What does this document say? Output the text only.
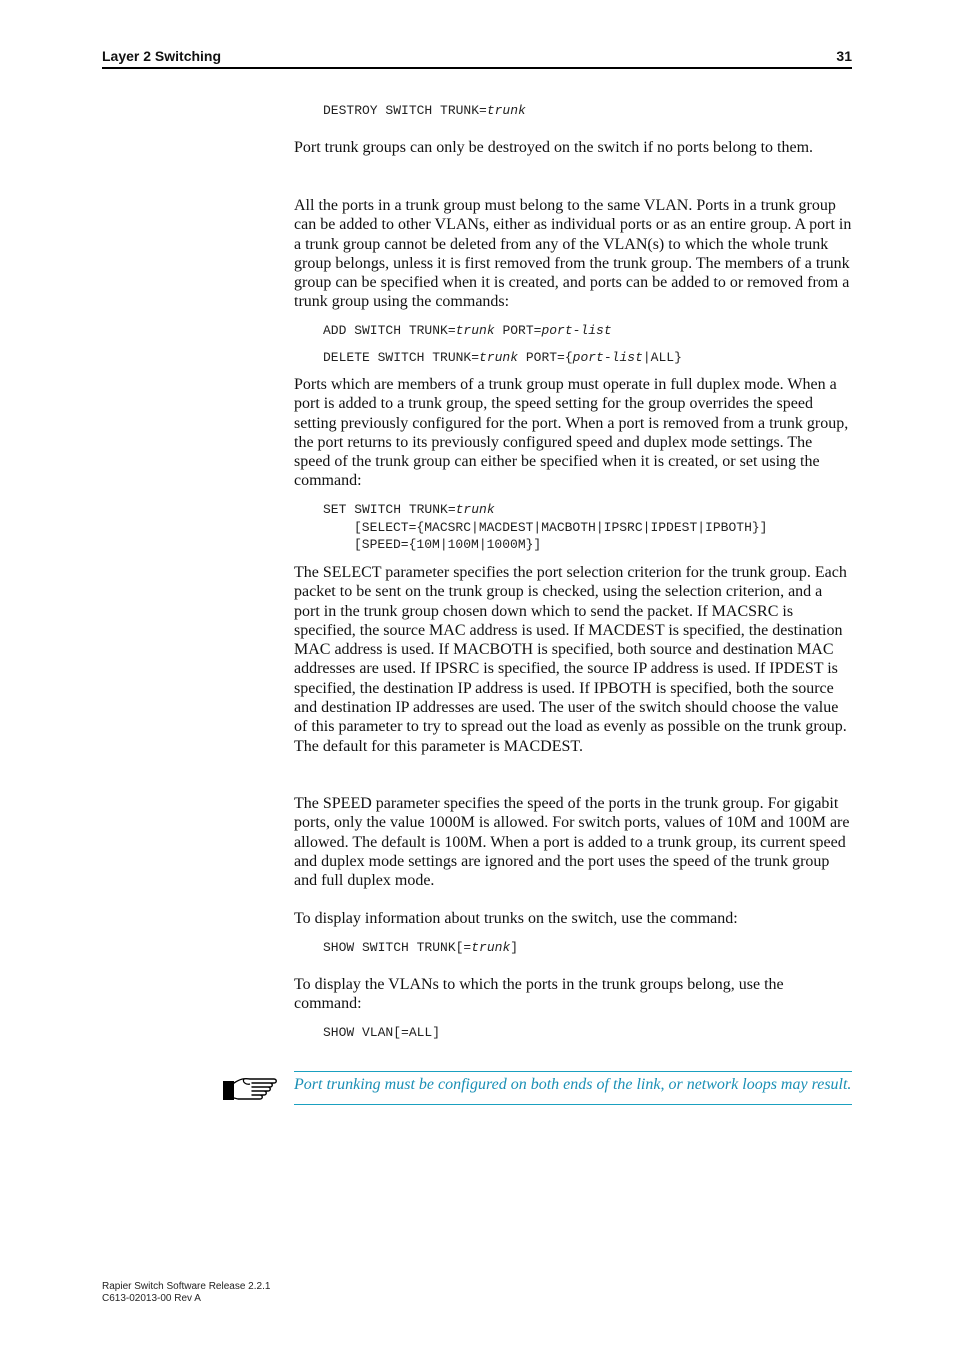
Layer 2 Switching	31
DESTROY SWITCH TRUNK=trunk

Port trunk groups can only be destroyed on the switch if no ports belong to them.

All the ports in a trunk group must belong to the same VLAN. Ports in a trunk group can be added to other VLANs, either as individual ports or as an entire group. A port in a trunk group cannot be deleted from any of the VLAN(s) to which the whole trunk group belongs, unless it is first removed from the trunk group. The members of a trunk group can be specified when it is created, and ports can be added to or removed from a trunk group using the commands:

ADD SWITCH TRUNK=trunk PORT=port-list
DELETE SWITCH TRUNK=trunk PORT={port-list|ALL}

Ports which are members of a trunk group must operate in full duplex mode. When a port is added to a trunk group, the speed setting for the group overrides the speed setting previously configured for the port. When a port is removed from a trunk group, the port returns to its previously configured speed and duplex mode settings. The speed of the trunk group can either be specified when it is created, or set using the command:

SET SWITCH TRUNK=trunk
[SELECT={MACSRC|MACDEST|MACBOTH|IPSRC|IPDEST|IPBOTH}]
[SPEED={10M|100M|1000M}]

The SELECT parameter specifies the port selection criterion for the trunk group. Each packet to be sent on the trunk group is checked, using the selection criterion, and a port in the trunk group chosen down which to send the packet. If MACSRC is specified, the source MAC address is used. If MACDEST is specified, the destination MAC address is used. If MACBOTH is specified, both source and destination MAC addresses are used. If IPSRC is specified, the source IP address is used. If IPDEST is specified, the destination IP address is used. If IPBOTH is specified, both the source and destination IP addresses are used. The user of the switch should choose the value of this parameter to try to spread out the load as evenly as possible on the trunk group. The default for this parameter is MACDEST.

The SPEED parameter specifies the speed of the ports in the trunk group. For gigabit ports, only the value 1000M is allowed. For switch ports, values of 10M and 100M are allowed. The default is 100M. When a port is added to a trunk group, its current speed and duplex mode settings are ignored and the port uses the speed of the trunk group and full duplex mode.

To display information about trunks on the switch, use the command:

SHOW SWITCH TRUNK[=trunk]

To display the VLANs to which the ports in the trunk groups belong, use the command:

SHOW VLAN[=ALL]
Port trunking must be configured on both ends of the link, or network loops may result.
Rapier Switch Software Release 2.2.1
C613-02013-00 Rev A
